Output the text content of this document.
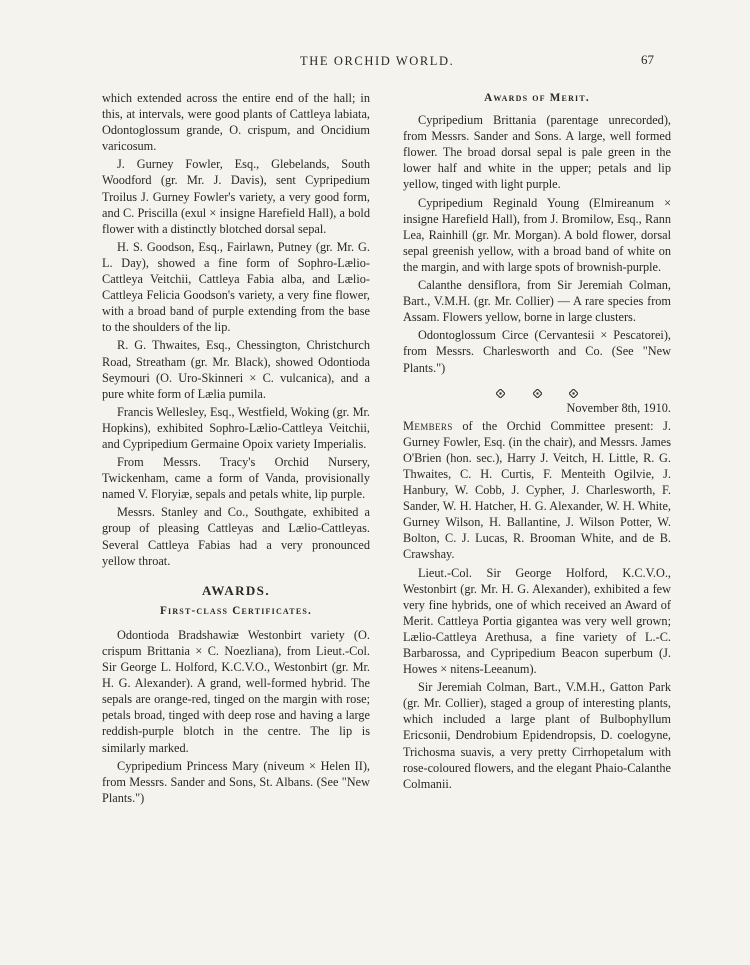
THE ORCHID WORLD.	67

which extended across the entire end of the hall; in this, at intervals, were good plants of Cattleya labiata, Odontoglossum grande, O. crispum, and Oncidium varicosum.

J. Gurney Fowler, Esq., Glebelands, South Woodford (gr. Mr. J. Davis), sent Cypripedium Troilus J. Gurney Fowler's variety, a very good form, and C. Priscilla (exul × insigne Harefield Hall), a bold flower with a distinctly blotched dorsal sepal.

H. S. Goodson, Esq., Fairlawn, Putney (gr. Mr. G. L. Day), showed a fine form of Sophro-Lælio-Cattleya Veitchii, Cattleya Fabia alba, and Lælio-Cattleya Felicia Goodson's variety, a very fine flower, with a broad band of purple extending from the base to the shoulders of the lip.

R. G. Thwaites, Esq., Chessington, Christchurch Road, Streatham (gr. Mr. Black), showed Odontioda Seymouri (O. Uro-Skinneri × C. vulcanica), and a pure white form of Lælia pumila.

Francis Wellesley, Esq., Westfield, Woking (gr. Mr. Hopkins), exhibited Sophro-Lælio-Cattleya Veitchii, and Cypripedium Germaine Opoix variety Imperialis.

From Messrs. Tracy's Orchid Nursery, Twickenham, came a form of Vanda, provisionally named V. Floryiæ, sepals and petals white, lip purple.

Messrs. Stanley and Co., Southgate, exhibited a group of pleasing Cattleyas and Lælio-Cattleyas. Several Cattleya Fabias had a very pronounced yellow throat.

AWARDS.
First-class Certificates.

Odontioda Bradshawiæ Westonbirt variety (O. crispum Brittania × C. Noezliana), from Lieut.-Col. Sir George L. Holford, K.C.V.O., Westonbirt (gr. Mr. H. G. Alexander). A grand, well-formed hybrid. The sepals are orange-red, tinged on the margin with rose; petals broad, tinged with deep rose and having a large reddish-purple blotch in the centre. The lip is similarly marked.

Cypripedium Princess Mary (niveum × Helen II), from Messrs. Sander and Sons, St. Albans. (See "New Plants.")

Awards of Merit.

Cypripedium Brittania (parentage unrecorded), from Messrs. Sander and Sons. A large, well formed flower. The broad dorsal sepal is pale green in the lower half and white in the upper; petals and lip yellow, tinged with light purple.

Cypripedium Reginald Young (Elmireanum × insigne Harefield Hall), from J. Bromilow, Esq., Rann Lea, Rainhill (gr. Mr. Morgan). A bold flower, dorsal sepal greenish yellow, with a broad band of white on the margin, and with large spots of brownish-purple.

Calanthe densiflora, from Sir Jeremiah Colman, Bart., V.M.H. (gr. Mr. Collier) — A rare species from Assam. Flowers yellow, borne in large clusters.

Odontoglossum Circe (Cervantesii × Pescatorei), from Messrs. Charlesworth and Co. (See "New Plants.")

November 8th, 1910.

Members of the Orchid Committee present: J. Gurney Fowler, Esq. (in the chair), and Messrs. James O'Brien (hon. sec.), Harry J. Veitch, H. Little, R. G. Thwaites, C. H. Curtis, F. Menteith Ogilvie, J. Hanbury, W. Cobb, J. Cypher, J. Charlesworth, F. Sander, W. H. Hatcher, H. G. Alexander, W. H. White, Gurney Wilson, H. Ballantine, J. Wilson Potter, W. Bolton, C. J. Lucas, R. Brooman White, and de B. Crawshay.

Lieut.-Col. Sir George Holford, K.C.V.O., Westonbirt (gr. Mr. H. G. Alexander), exhibited a few very fine hybrids, one of which received an Award of Merit. Cattleya Portia gigantea was very well grown; Lælio-Cattleya Arethusa, a fine variety of L.-C. Barbarossa, and Cypripedium Beacon superbum (J. Howes × nitens-Leeanum).

Sir Jeremiah Colman, Bart., V.M.H., Gatton Park (gr. Mr. Collier), staged a group of interesting plants, which included a large plant of Bulbophyllum Ericsonii, Dendrobium Epidendropsis, D. coelogyne, Trichosma suavis, a very pretty Cirrhopetalum with rose-coloured flowers, and the elegant Phaio-Calanthe Colmanii.
